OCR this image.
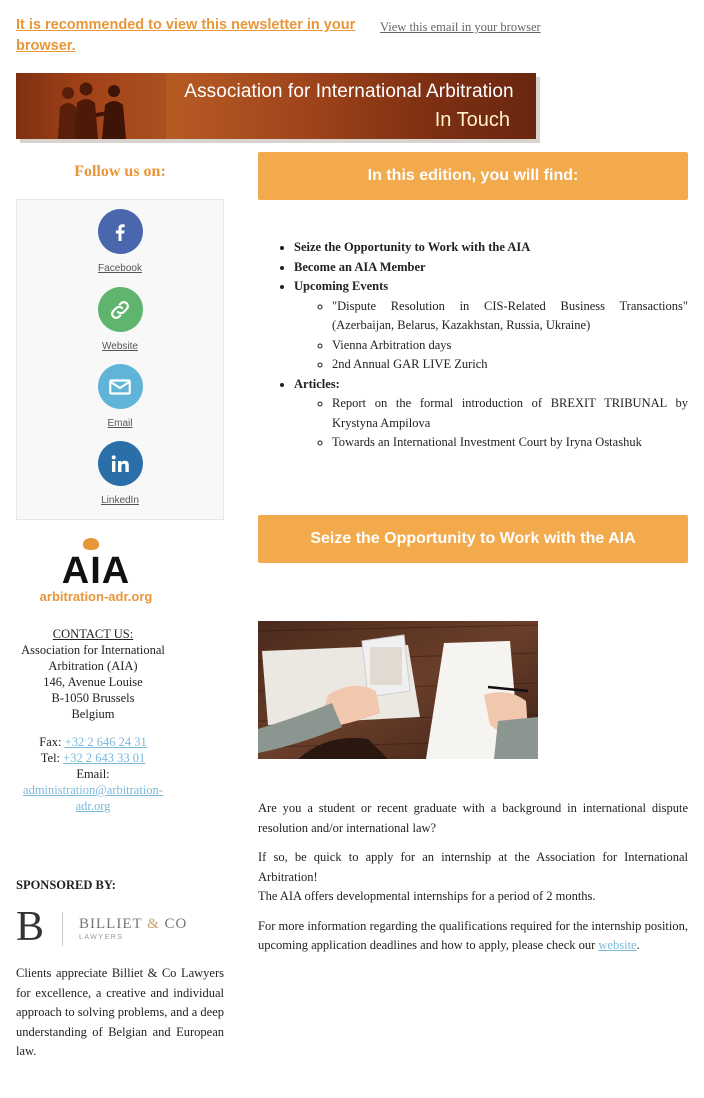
It is recommended to view this newsletter in your browser.
View this email in your browser
Association for International Arbitration
In Touch
Follow us on:
Facebook
Website
Email
LinkedIn
In this edition, you will find:
• Seize the Opportunity to Work with the AIA
• Become an AIA Member
• Upcoming Events
◦ "Dispute Resolution in CIS-Related Business Transactions" (Azerbaijan, Belarus, Kazakhstan, Russia, Ukraine)
◦ Vienna Arbitration days
◦ 2nd Annual GAR LIVE Zurich
• Articles:
◦ Report on the formal introduction of BREXIT TRIBUNAL by Krystyna Ampilova
◦ Towards an International Investment Court by Iryna Ostashuk
Seize the Opportunity to Work with the AIA
AIA
arbitration-adr.org
CONTACT US:
Association for International
Arbitration (AIA)
146, Avenue Louise
B-1050 Brussels
Belgium
Fax: +32 2 646 24 31
Tel: +32 2 643 33 01
Email:
administration@arbitration-adr.org
SPONSORED BY:
B BILLIET & CO
LAWYERS
Clients appreciate Billiet & Co Lawyers for excellence, a creative and individual approach to solving problems, and a deep understanding of Belgian and European law.

Are you a student or recent graduate with a background in international dispute resolution and/or international law?

If so, be quick to apply for an internship at the Association for International Arbitration!
The AIA offers developmental internships for a period of 2 months.

For more information regarding the qualifications required for the internship position, upcoming application deadlines and how to apply, please check our website.
